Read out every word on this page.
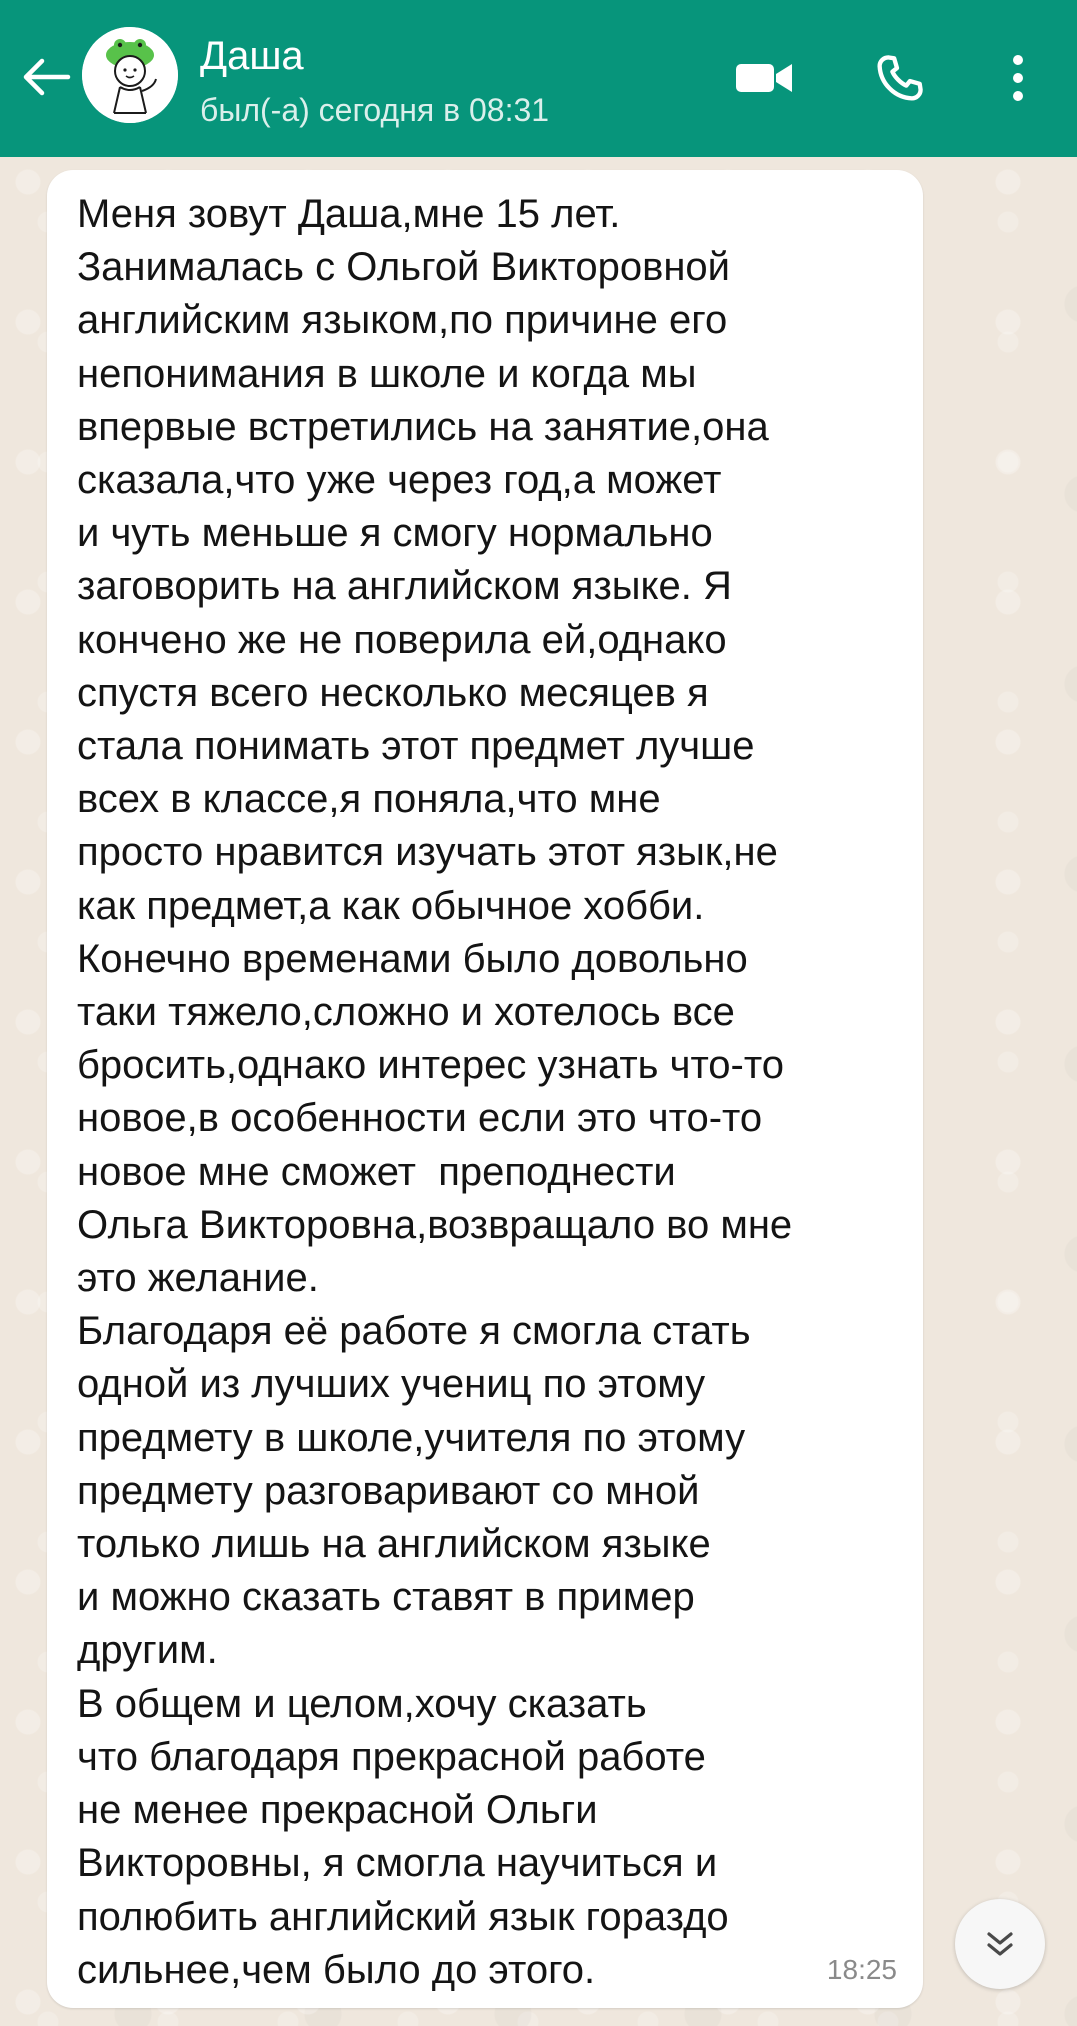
Даша
был(-а) сегодня в 08:31
Меня зовут Даша,мне 15 лет.
Занималась с Ольгой Викторовной
английским языком,по причине его
непонимания в школе и когда мы
впервые встретились на занятие,она
сказала,что уже через год,а может
и чуть меньше я смогу нормально
заговорить на английском языке. Я
кончено же не поверила ей,однако
спустя всего несколько месяцев я
стала понимать этот предмет лучше
всех в классе,я поняла,что мне
просто нравится изучать этот язык,не
как предмет,а как обычное хобби.
Конечно временами было довольно
таки тяжело,сложно и хотелось все
бросить,однако интерес узнать что-то
новое,в особенности если это что-то
новое мне сможет  преподнести
Ольга Викторовна,возвращало во мне
это желание.
Благодаря её работе я смогла стать
одной из лучших учениц по этому
предмету в школе,учителя по этому
предмету разговаривают со мной
только лишь на английском языке
и можно сказать ставят в пример
другим.
В общем и целом,хочу сказать
что благодаря прекрасной работе
не менее прекрасной Ольги
Викторовны, я смогла научиться и
полюбить английский язык гораздо
сильнее,чем было до этого.	18:25
